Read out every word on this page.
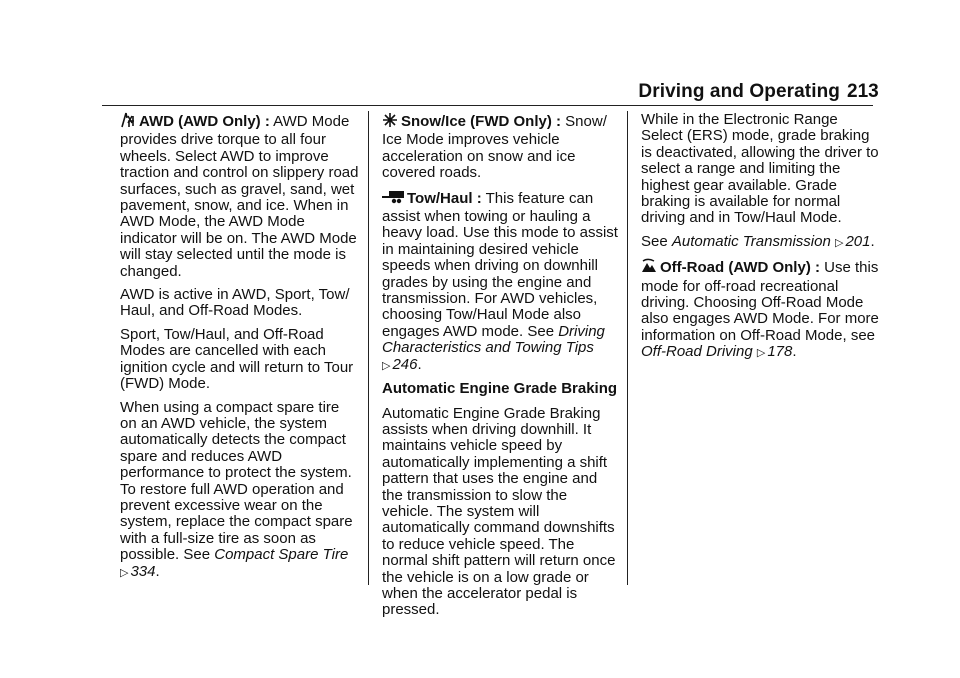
Driving and Operating 213

AWD (AWD Only) : AWD Mode provides drive torque to all four wheels. Select AWD to improve traction and control on slippery road surfaces, such as gravel, sand, wet pavement, snow, and ice. When in AWD Mode, the AWD Mode indicator will be on. The AWD Mode will stay selected until the mode is changed.

AWD is active in AWD, Sport, Tow/ Haul, and Off-Road Modes.

Sport, Tow/Haul, and Off-Road Modes are cancelled with each ignition cycle and will return to Tour (FWD) Mode.

When using a compact spare tire on an AWD vehicle, the system automatically detects the compact spare and reduces AWD performance to protect the system. To restore full AWD operation and prevent excessive wear on the system, replace the compact spare with a full-size tire as soon as possible. See Compact Spare Tire
▷ 334.

Snow/Ice (FWD Only) : Snow/ Ice Mode improves vehicle acceleration on snow and ice covered roads.

Tow/Haul : This feature can assist when towing or hauling a heavy load. Use this mode to assist in maintaining desired vehicle speeds when driving on downhill grades by using the engine and transmission. For AWD vehicles, choosing Tow/Haul Mode also engages AWD mode. See Driving Characteristics and Towing Tips
▷ 246.

Automatic Engine Grade Braking

Automatic Engine Grade Braking assists when driving downhill. It maintains vehicle speed by automatically implementing a shift pattern that uses the engine and the transmission to slow the vehicle. The system will automatically command downshifts to reduce vehicle speed. The normal shift pattern will return once the vehicle is on a low grade or when the accelerator pedal is pressed.

While in the Electronic Range Select (ERS) mode, grade braking is deactivated, allowing the driver to select a range and limiting the highest gear available. Grade braking is available for normal driving and in Tow/Haul Mode.

See Automatic Transmission ▷ 201.

Off-Road (AWD Only) : Use this mode for off-road recreational driving. Choosing Off-Road Mode also engages AWD Mode. For more information on Off-Road Mode, see Off-Road Driving ▷ 178.
